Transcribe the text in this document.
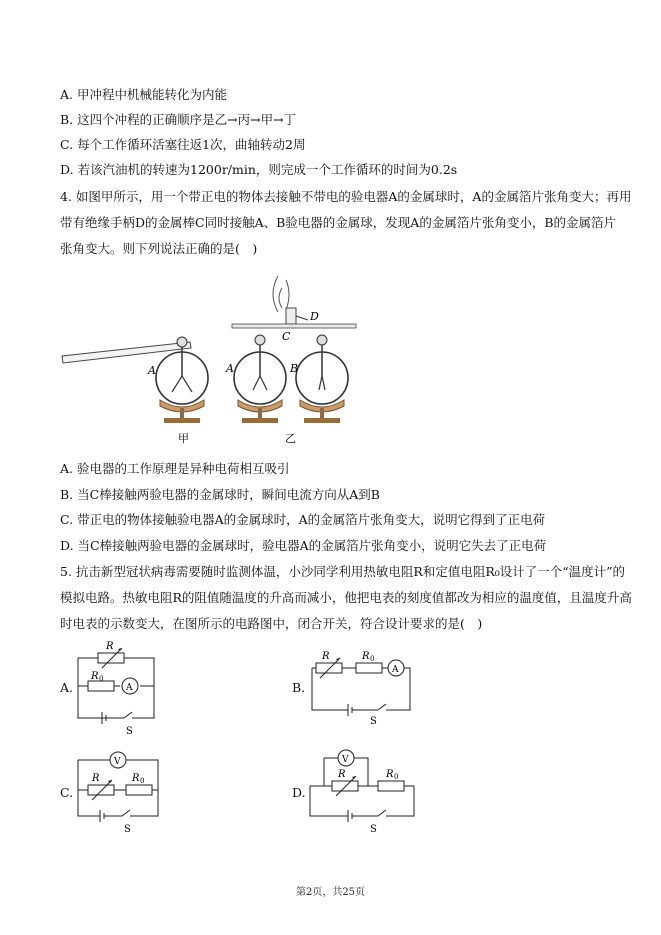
A. 甲冲程中机械能转化为内能
B. 这四个冲程的正确顺序是乙→丙→甲→丁
C. 每个工作循环活塞往返1次，曲轴转动2周
D. 若该汽油机的转速为1200r/min，则完成一个工作循环的时间为0.2s
4. 如图甲所示，用一个带正电的物体去接触不带电的验电器A的金属球时，A的金属箔片张角变大；再用
带有绝缘手柄D的金属棒C同时接触A、B验电器的金属球，发现A的金属箔片张角变小，B的金属箔片
张角变大。则下列说法正确的是(　)
A
D
C
A	B
甲	乙
A. 验电器的工作原理是异种电荷相互吸引
B. 当C棒接触两验电器的金属球时，瞬间电流方向从A到B
C. 带正电的物体接触验电器A的金属球时，A的金属箔片张角变大，说明它得到了正电荷
D. 当C棒接触两验电器的金属球时，验电器A的金属箔片张角变小，说明它失去了正电荷
5. 抗击新型冠状病毒需要随时监测体温，小沙同学利用热敏电阻R和定值电阻R₀设计了一个“温度计”的
模拟电路。热敏电阻R的阻值随温度的升高而减小，他把电表的刻度值都改为相应的温度值，且温度升高
时电表的示数变大，在图所示的电路图中，闭合开关，符合设计要求的是(　)
A.	B.
C.	D.
R
R 0
A
S
R	R 0
A
S
V
R	R 0
S
V
R	R 0
S
第2页，共25页
